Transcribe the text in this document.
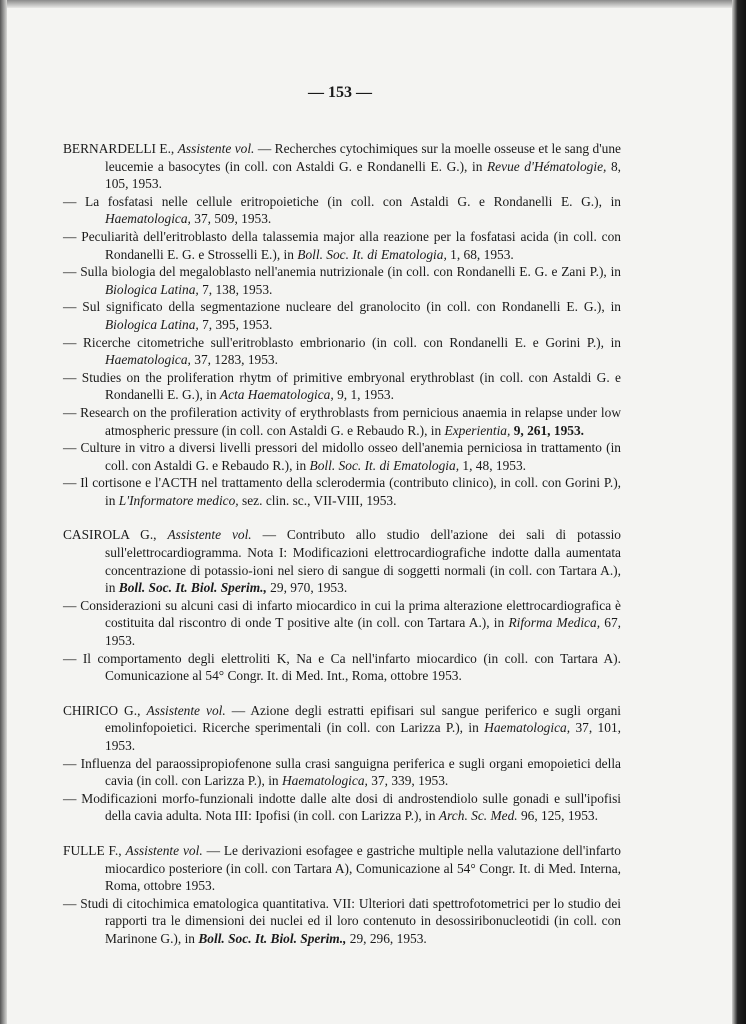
— 153 —
BERNARDELLI E., Assistente vol. — Recherches cytochimiques sur la moelle osseuse et le sang d'une leucemie a basocytes (in coll. con Astaldi G. e Rondanelli E. G.), in Revue d'Hématologie, 8, 105, 1953.
— La fosfatasi nelle cellule eritropoietiche (in coll. con Astaldi G. e Rondanelli E. G.), in Haematologica, 37, 509, 1953.
— Peculiarità dell'eritroblasto della talassemia major alla reazione per la fosfatasi acida (in coll. con Rondanelli E. G. e Strosselli E.), in Boll. Soc. It. di Ematologia, 1, 68, 1953.
— Sulla biologia del megaloblasto nell'anemia nutrizionale (in coll. con Rondanelli E. G. e Zani P.), in Biologica Latina, 7, 138, 1953.
— Sul significato della segmentazione nucleare del granolocito (in coll. con Rondanelli E. G.), in Biologica Latina, 7, 395, 1953.
— Ricerche citometriche sull'eritroblasto embrionario (in coll. con Rondanelli E. e Gorini P.), in Haematologica, 37, 1283, 1953.
— Studies on the proliferation rhytm of primitive embryonal erythroblast (in coll. con Astaldi G. e Rondanelli E. G.), in Acta Haematologica, 9, 1, 1953.
— Research on the profileration activity of erythroblasts from pernicious anaemia in relapse under low atmospheric pressure (in coll. con Astaldi G. e Rebaudo R.), in Experientia, 9, 261, 1953.
— Culture in vitro a diversi livelli pressori del midollo osseo dell'anemia perniciosa in trattamento (in coll. con Astaldi G. e Rebaudo R.), in Boll. Soc. It. di Ematologia, 1, 48, 1953.
— Il cortisone e l'ACTH nel trattamento della sclerodermia (contributo clinico), in coll. con Gorini P.), in L'Informatore medico, sez. clin. sc., VII-VIII, 1953.
CASIROLA G., Assistente vol. — Contributo allo studio dell'azione dei sali di potassio sull'elettrocardiogramma. Nota I: Modificazioni elettrocardiografiche indotte dalla aumentata concentrazione di potassio-ioni nel siero di sangue di soggetti normali (in coll. con Tartara A.), in Boll. Soc. It. Biol. Sperim., 29, 970, 1953.
— Considerazioni su alcuni casi di infarto miocardico in cui la prima alterazione elettrocardiografica è costituita dal riscontro di onde T positive alte (in coll. con Tartara A.), in Riforma Medica, 67, 1953.
— Il comportamento degli elettroliti K, Na e Ca nell'infarto miocardico (in coll. con Tartara A). Comunicazione al 54° Congr. It. di Med. Int., Roma, ottobre 1953.
CHIRICO G., Assistente vol. — Azione degli estratti epifisari sul sangue periferico e sugli organi emolinfopoietici. Ricerche sperimentali (in coll. con Larizza P.), in Haematologica, 37, 101, 1953.
— Influenza del paraossipropiofenone sulla crasi sanguigna periferica e sugli organi emopoietici della cavia (in coll. con Larizza P.), in Haematologica, 37, 339, 1953.
— Modificazioni morfo-funzionali indotte dalle alte dosi di androstendiolo sulle gonadi e sull'ipofisi della cavia adulta. Nota III: Ipofisi (in coll. con Larizza P.), in Arch. Sc. Med. 96, 125, 1953.
FULLE F., Assistente vol. — Le derivazioni esofagee e gastriche multiple nella valutazione dell'infarto miocardico posteriore (in coll. con Tartara A), Comunicazione al 54° Congr. It. di Med. Interna, Roma, ottobre 1953.
— Studi di citochimica ematologica quantitativa. VII: Ulteriori dati spettrofotometrici per lo studio dei rapporti tra le dimensioni dei nuclei ed il loro contenuto in desossiribonucleotidi (in coll. con Marinone G.), in Boll. Soc. It. Biol. Sperim., 29, 296, 1953.
